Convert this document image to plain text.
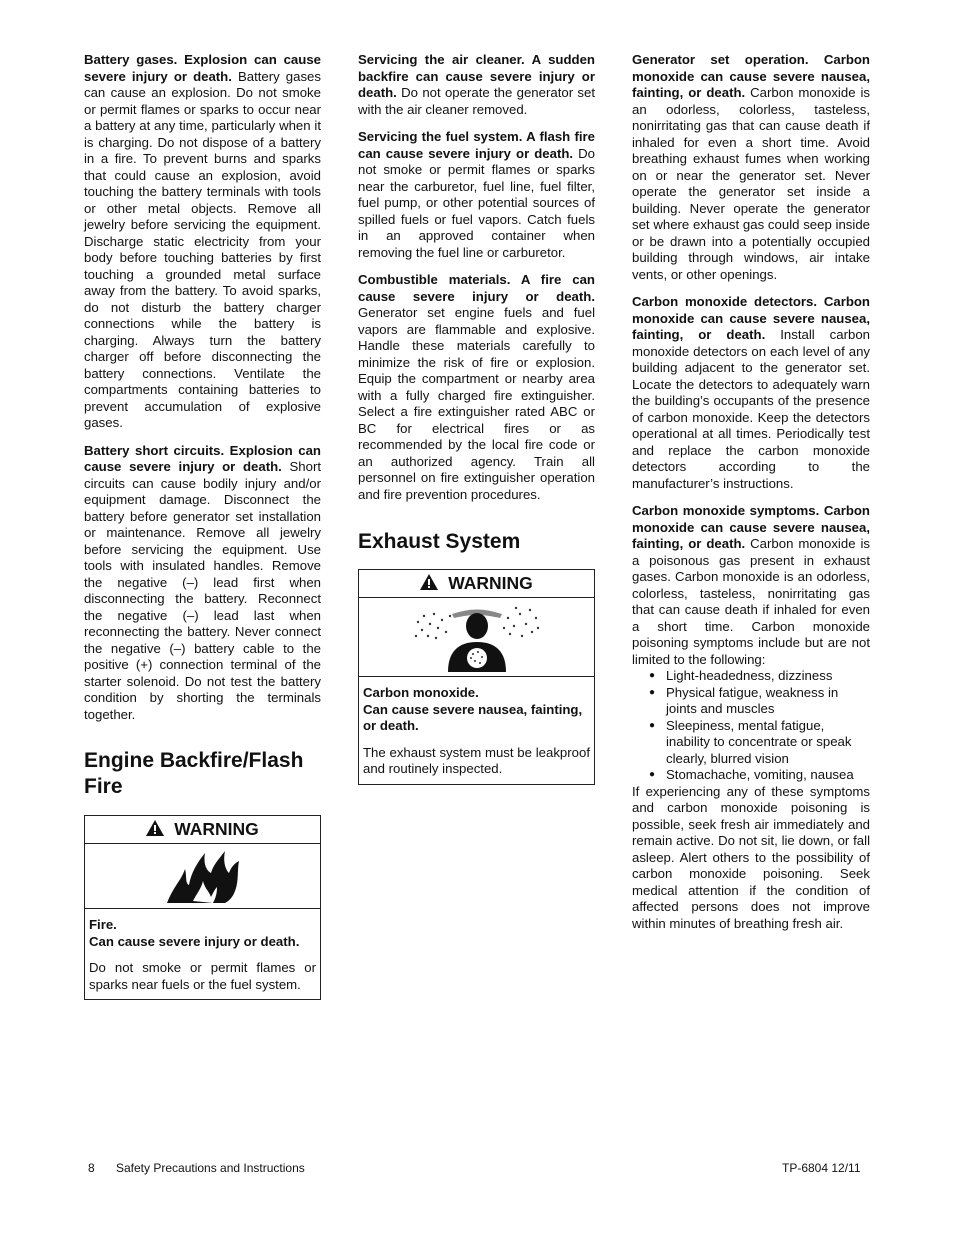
Battery gases. Explosion can cause severe injury or death. Battery gases can cause an explosion. Do not smoke or permit flames or sparks to occur near a battery at any time, particularly when it is charging. Do not dispose of a battery in a fire. To prevent burns and sparks that could cause an explosion, avoid touching the battery terminals with tools or other metal objects. Remove all jewelry before servicing the equipment. Discharge static electricity from your body before touching batteries by first touching a grounded metal surface away from the battery. To avoid sparks, do not disturb the battery charger connections while the battery is charging. Always turn the battery charger off before disconnecting the battery connections. Ventilate the compartments containing batteries to prevent accumulation of explosive gases.

Battery short circuits. Explosion can cause severe injury or death. Short circuits can cause bodily injury and/or equipment damage. Disconnect the battery before generator set installation or maintenance. Remove all jewelry before servicing the equipment. Use tools with insulated handles. Remove the negative (–) lead first when disconnecting the battery. Reconnect the negative (–) lead last when reconnecting the battery. Never connect the negative (–) battery cable to the positive (+) connection terminal of the starter solenoid. Do not test the battery condition by shorting the terminals together.

Engine Backfire/Flash Fire
WARNING

Fire.
Can cause severe injury or death.

Do not smoke or permit flames or sparks near fuels or the fuel system.

Servicing the air cleaner. A sudden backfire can cause severe injury or death. Do not operate the generator set with the air cleaner removed.

Servicing the fuel system. A flash fire can cause severe injury or death. Do not smoke or permit flames or sparks near the carburetor, fuel line, fuel filter, fuel pump, or other potential sources of spilled fuels or fuel vapors. Catch fuels in an approved container when removing the fuel line or carburetor.

Combustible materials. A fire can cause severe injury or death. Generator set engine fuels and fuel vapors are flammable and explosive. Handle these materials carefully to minimize the risk of fire or explosion. Equip the compartment or nearby area with a fully charged fire extinguisher. Select a fire extinguisher rated ABC or BC for electrical fires or as recommended by the local fire code or an authorized agency. Train all personnel on fire extinguisher operation and fire prevention procedures.

Exhaust System
WARNING

Carbon monoxide.
Can cause severe nausea, fainting, or death.

The exhaust system must be leakproof and routinely inspected.

Generator set operation. Carbon monoxide can cause severe nausea, fainting, or death. Carbon monoxide is an odorless, colorless, tasteless, nonirritating gas that can cause death if inhaled for even a short time. Avoid breathing exhaust fumes when working on or near the generator set. Never operate the generator set inside a building. Never operate the generator set where exhaust gas could seep inside or be drawn into a potentially occupied building through windows, air intake vents, or other openings.

Carbon monoxide detectors. Carbon monoxide can cause severe nausea, fainting, or death. Install carbon monoxide detectors on each level of any building adjacent to the generator set. Locate the detectors to adequately warn the building’s occupants of the presence of carbon monoxide. Keep the detectors operational at all times. Periodically test and replace the carbon monoxide detectors according to the manufacturer’s instructions.

Carbon monoxide symptoms. Carbon monoxide can cause severe nausea, fainting, or death. Carbon monoxide is a poisonous gas present in exhaust gases. Carbon monoxide is an odorless, colorless, tasteless, nonirritating gas that can cause death if inhaled for even a short time. Carbon monoxide poisoning symptoms include but are not limited to the following:

● Light-headedness, dizziness
● Physical fatigue, weakness in joints and muscles
● Sleepiness, mental fatigue, inability to concentrate or speak clearly, blurred vision
● Stomachache, vomiting, nausea

If experiencing any of these symptoms and carbon monoxide poisoning is possible, seek fresh air immediately and remain active. Do not sit, lie down, or fall asleep. Alert others to the possibility of carbon monoxide poisoning. Seek medical attention if the condition of affected persons does not improve within minutes of breathing fresh air.

8 Safety Precautions and Instructions	TP-6804 12/11
